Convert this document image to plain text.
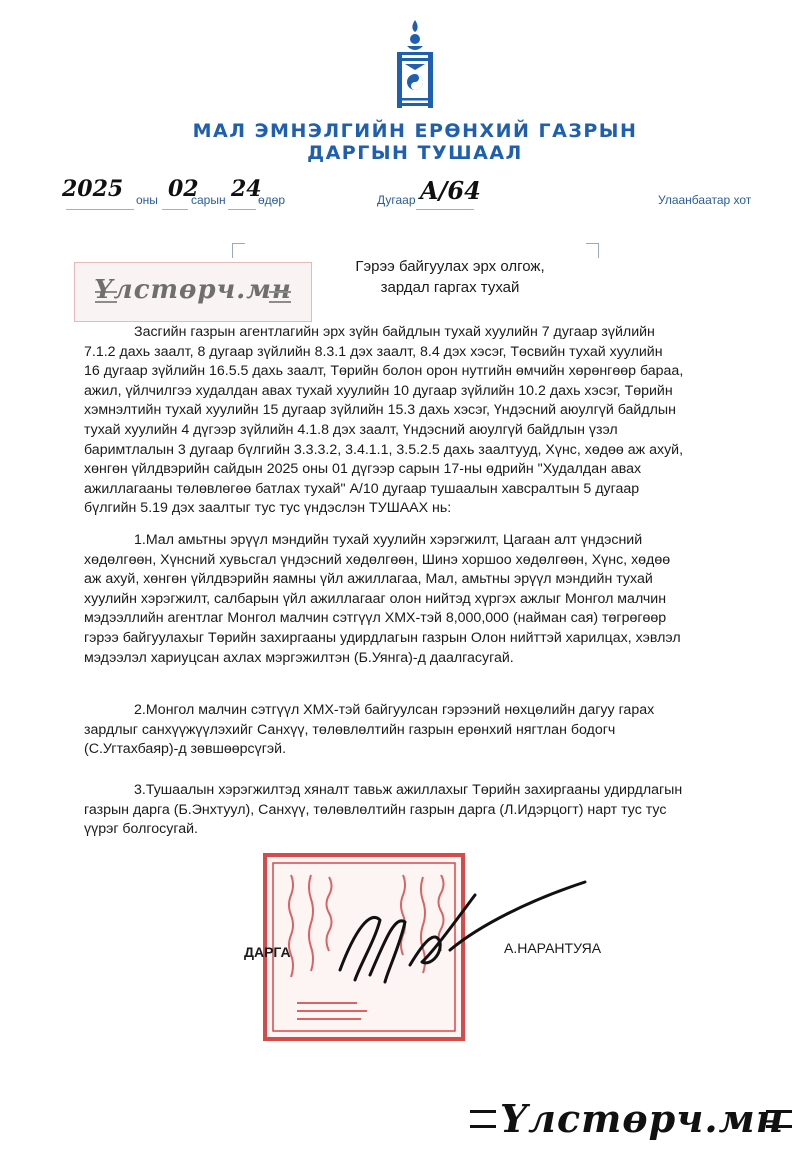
МАЛ ЭМНЭЛГИЙН ЕРӨНХИЙ ГАЗРЫН
ДАРГЫН ТУШААЛ
2025 оны 02
сарын 24
өдөр	Дугаар A/64	Улаанбаатар хот
Гэрээ байгуулах эрх олгож,
зардал гаргах тухай
Үлстөрч.мн
Засгийн газрын агентлагийн эрх зүйн байдлын тухай хуулийн 7 дугаар зүйлийн
7.1.2 дахь заалт, 8 дугаар зүйлийн 8.3.1 дэх заалт, 8.4 дэх хэсэг, Төсвийн тухай хуулийн
16 дугаар зүйлийн 16.5.5 дахь заалт, Төрийн болон орон нутгийн өмчийн хөрөнгөөр бараа,
ажил, үйлчилгээ худалдан авах тухай хуулийн 10 дугаар зүйлийн 10.2 дахь хэсэг, Төрийн
хэмнэлтийн тухай хуулийн 15 дугаар зүйлийн 15.3 дахь хэсэг, Үндэсний аюулгүй байдлын
тухай хуулийн 4 дүгээр зүйлийн 4.1.8 дэх заалт, Үндэсний аюулгүй байдлын үзэл
баримтлалын 3 дугаар бүлгийн 3.3.3.2, 3.4.1.1, 3.5.2.5 дахь заалтууд, Хүнс, хөдөө аж ахуй,
хөнгөн үйлдвэрийн сайдын 2025 оны 01 дүгээр сарын 17-ны өдрийн "Худалдан авах
ажиллагааны төлөвлөгөө батлах тухай" А/10 дугаар тушаалын хавсралтын 5 дугаар
бүлгийн 5.19 дэх заалтыг тус тус үндэслэн ТУШААХ нь:
1.Мал амьтны эрүүл мэндийн тухай хуулийн хэрэгжилт, Цагаан алт үндэсний
хөдөлгөөн, Хүнсний хувьсгал үндэсний хөдөлгөөн, Шинэ хоршоо хөдөлгөөн, Хүнс, хөдөө
аж ахуй, хөнгөн үйлдвэрийн яамны үйл ажиллагаа, Мал, амьтны эрүүл мэндийн тухай
хуулийн хэрэгжилт, салбарын үйл ажиллагааг олон нийтэд хүргэх ажлыг Монгол малчин
мэдээллийн агентлаг Монгол малчин сэтгүүл ХМХ-тэй 8,000,000 (найман сая) төгрөгөөр
гэрээ байгуулахыг Төрийн захиргааны удирдлагын газрын Олон нийттэй харилцах, хэвлэл
мэдээлэл хариуцсан ахлах мэргэжилтэн (Б.Уянга)-д даалгасугай.
2.Монгол малчин сэтгүүл ХМХ-тэй байгуулсан гэрээний нөхцөлийн дагуу гарах
зардлыг санхүүжүүлэхийг Санхүү, төлөвлөлтийн газрын ерөнхий нягтлан бодогч
(С.Угтахбаяр)-д зөвшөөрсүгэй.
3.Тушаалын хэрэгжилтэд хяналт тавьж ажиллахыг Төрийн захиргааны удирдлагын
газрын дарга (Б.Энхтуул), Санхүү, төлөвлөлтийн газрын дарга (Л.Идэрцогт) нарт тус тус
үүрэг болгосугай.
ДАРГА	А.НАРАНТУЯА
Үлстөрч.мн
